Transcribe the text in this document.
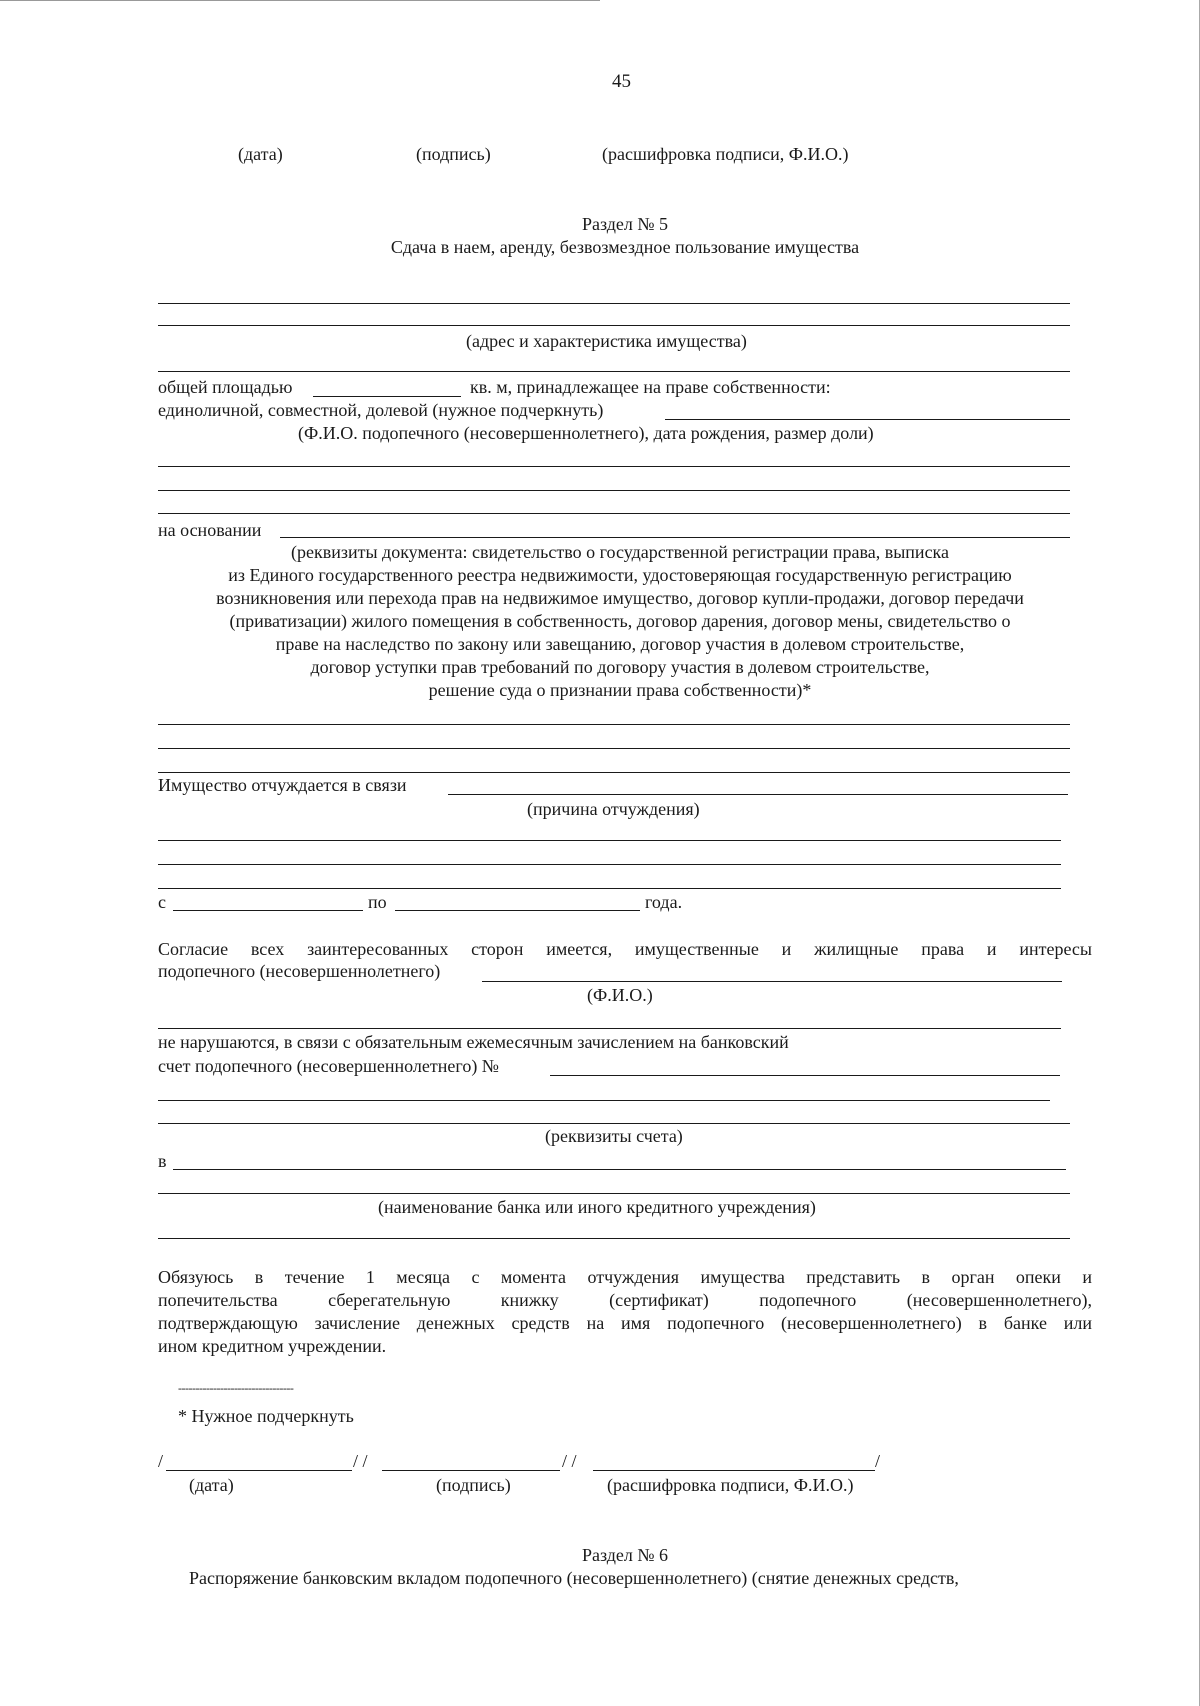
45
(дата)	(подпись)	(расшифровка подписи, Ф.И.О.)
Раздел № 5
Сдача в наем, аренду, безвозмездное пользование имущества
(адрес и характеристика имущества)
общей площадью	кв. м, принадлежащее на праве собственности:
единоличной, совместной, долевой (нужное подчеркнуть)
(Ф.И.О. подопечного (несовершеннолетнего), дата рождения, размер доли)
на основании
(реквизиты документа: свидетельство о государственной регистрации права, выписка
из Единого государственного реестра недвижимости, удостоверяющая государственную регистрацию
возникновения или перехода прав на недвижимое имущество, договор купли-продажи, договор передачи
(приватизации) жилого помещения в собственность, договор дарения, договор мены, свидетельство о
праве на наследство по закону или завещанию, договор участия в долевом строительстве,
договор уступки прав требований по договору участия в долевом строительстве,
решение суда о признании права собственности)*
Имущество отчуждается в связи
(причина отчуждения)
с	по	года.
Согласие всех заинтересованных сторон имеется, имущественные и жилищные права и интересы
подопечного (несовершеннолетнего)
(Ф.И.О.)
не нарушаются, в связи с обязательным ежемесячным зачислением на банковский
счет подопечного (несовершеннолетнего) №
(реквизиты счета)
в
(наименование банка или иного кредитного учреждения)
Обязуюсь в течение 1 месяца с момента отчуждения имущества представить в орган опеки и
попечительства сберегательную книжку (сертификат) подопечного (несовершеннолетнего),
подтверждающую зачисление денежных средств на имя подопечного (несовершеннолетнего) в банке или
ином кредитном учреждении.
---------------------------------
* Нужное подчеркнуть
/	/ /	/ /	/
(дата)	(подпись)	(расшифровка подписи, Ф.И.О.)
Раздел № 6
Распоряжение банковским вкладом подопечного (несовершеннолетнего) (снятие денежных средств,
